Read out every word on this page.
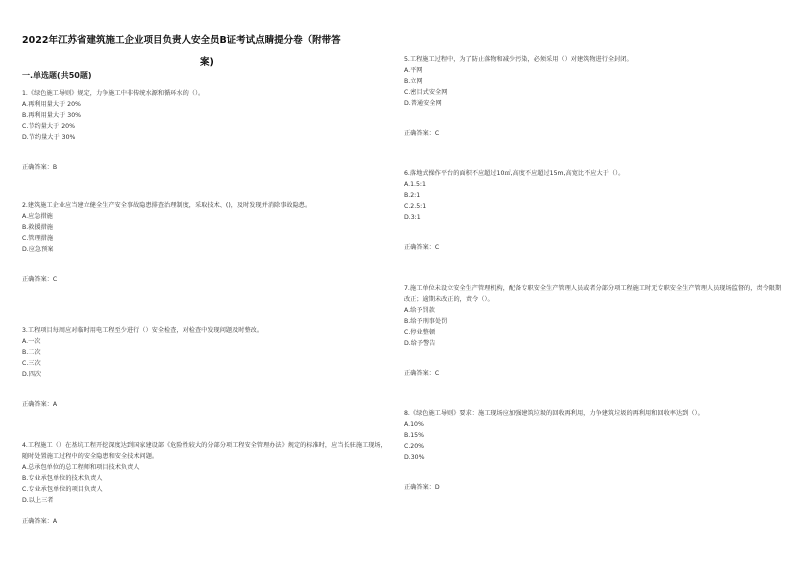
2022年江苏省建筑施工企业项目负责人安全员B证考试点睛提分卷（附带答
案)
一.单选题(共50题)

1.《绿色施工导则》规定，力争施工中非传统水源和循环水的（）。

A.再利用量大于 20%

B.再利用量大于 30%

C.节约量大于 20%

D.节约量大于 30%

正确答案：B

2.建筑施工企业应当建立健全生产安全事故隐患排查治理制度，采取技术、()，及时发现并消除事故隐患。

A.应急措施

B.救援措施

C.管理措施

D.应急预案

正确答案：C

3.工程项目每周应对临时用电工程至少进行（）安全检查，对检查中发现问题及时整改。

A.一次

B.二次

C.三次

D.四次

正确答案：A

4.工程施工（）在基坑工程开挖深度达到国家建设部《危险性较大的分部分项工程安全管理办法》规定的标准时，应当长驻施工现场，随时处置施工过程中的安全隐患和安全技术问题。

A.总承包单位的总工程师和项目技术负责人

B.专业承包单位的技术负责人

C.专业承包单位的项目负责人

D.以上三者

正确答案：A

5.工程施工过程中，为了防止落物和减少污染，必须采用（）对建筑物进行全封闭。

A.平网

B.立网

C.密目式安全网

D.普通安全网

正确答案：C

6.落地式操作平台的面积不应超过10㎡,高度不应超过15m,高宽比不应大于（）。

A.1.5:1

B.2:1

C.2.5:1

D.3:1

正确答案：C

7.施工单位未设立安全生产管理机构，配备专职安全生产管理人员或者分部分项工程施工时无专职安全生产管理人员现场监督的，责令限期改正；逾期未改正的，责令（）。

A.给予罚款

B.给予刑事处罚

C.停业整顿

D.给予警告

正确答案：C

8.《绿色施工导则》要求：施工现场应加强建筑垃圾的回收再利用，力争建筑垃圾的再利用和回收率达到（）。

A.10%

B.15%

C.20%

D.30%

正确答案：D
